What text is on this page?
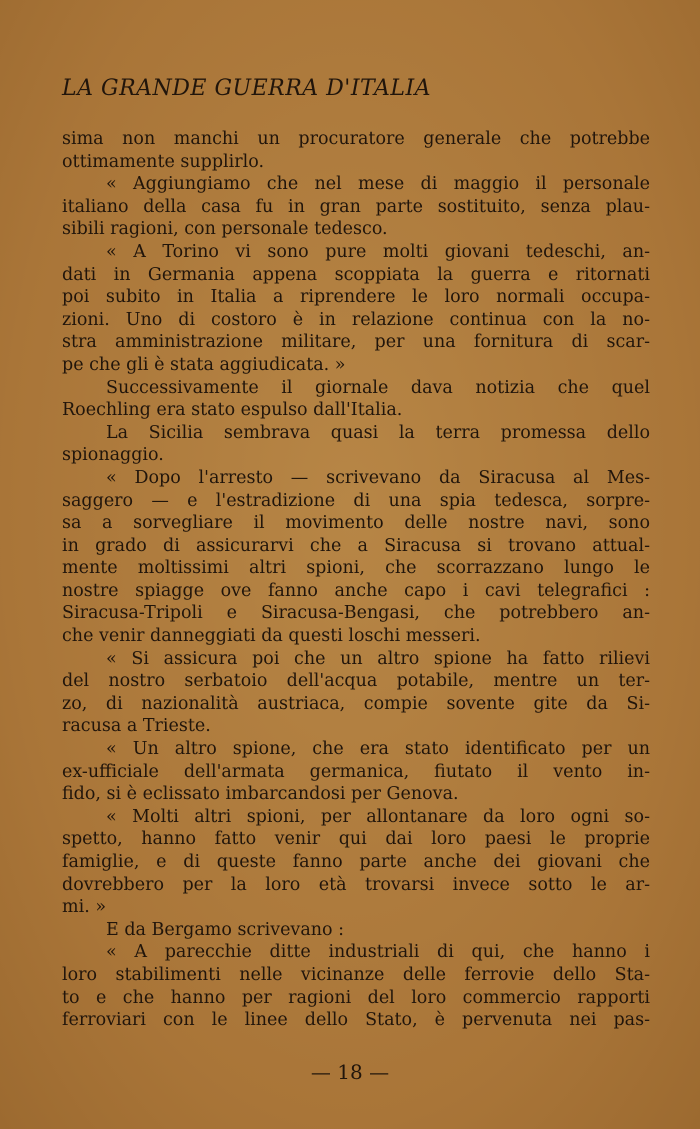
LA GRANDE GUERRA D'ITALIA
sima non manchi un procuratore generale che potrebbe
ottimamente supplirlo.
« Aggiungiamo che nel mese di maggio il personale
italiano della casa fu in gran parte sostituito, senza plau-
sibili ragioni, con personale tedesco.
« A Torino vi sono pure molti giovani tedeschi, an-
dati in Germania appena scoppiata la guerra e ritornati
poi subito in Italia a riprendere le loro normali occupa-
zioni. Uno di costoro è in relazione continua con la no-
stra amministrazione militare, per una fornitura di scar-
pe che gli è stata aggiudicata. »
Successivamente il giornale dava notizia che quel
Roechling era stato espulso dall'Italia.
La Sicilia sembrava quasi la terra promessa dello
spionaggio.
« Dopo l'arresto — scrivevano da Siracusa al Mes-
saggero — e l'estradizione di una spia tedesca, sorpre-
sa a sorvegliare il movimento delle nostre navi, sono
in grado di assicurarvi che a Siracusa si trovano attual-
mente moltissimi altri spioni, che scorrazzano lungo le
nostre spiagge ove fanno anche capo i cavi telegrafici :
Siracusa-Tripoli e Siracusa-Bengasi, che potrebbero an-
che venir danneggiati da questi loschi messeri.
« Si assicura poi che un altro spione ha fatto rilievi
del nostro serbatoio dell'acqua potabile, mentre un ter-
zo, di nazionalità austriaca, compie sovente gite da Si-
racusa a Trieste.
« Un altro spione, che era stato identificato per un
ex-ufficiale dell'armata germanica, fiutato il vento in-
fido, si è eclissato imbarcandosi per Genova.
« Molti altri spioni, per allontanare da loro ogni so-
spetto, hanno fatto venir qui dai loro paesi le proprie
famiglie, e di queste fanno parte anche dei giovani che
dovrebbero per la loro età trovarsi invece sotto le ar-
mi. »
E da Bergamo scrivevano :
« A parecchie ditte industriali di qui, che hanno i
loro stabilimenti nelle vicinanze delle ferrovie dello Sta-
to e che hanno per ragioni del loro commercio rapporti
ferroviari con le linee dello Stato, è pervenuta nei pas-
— 18 —
